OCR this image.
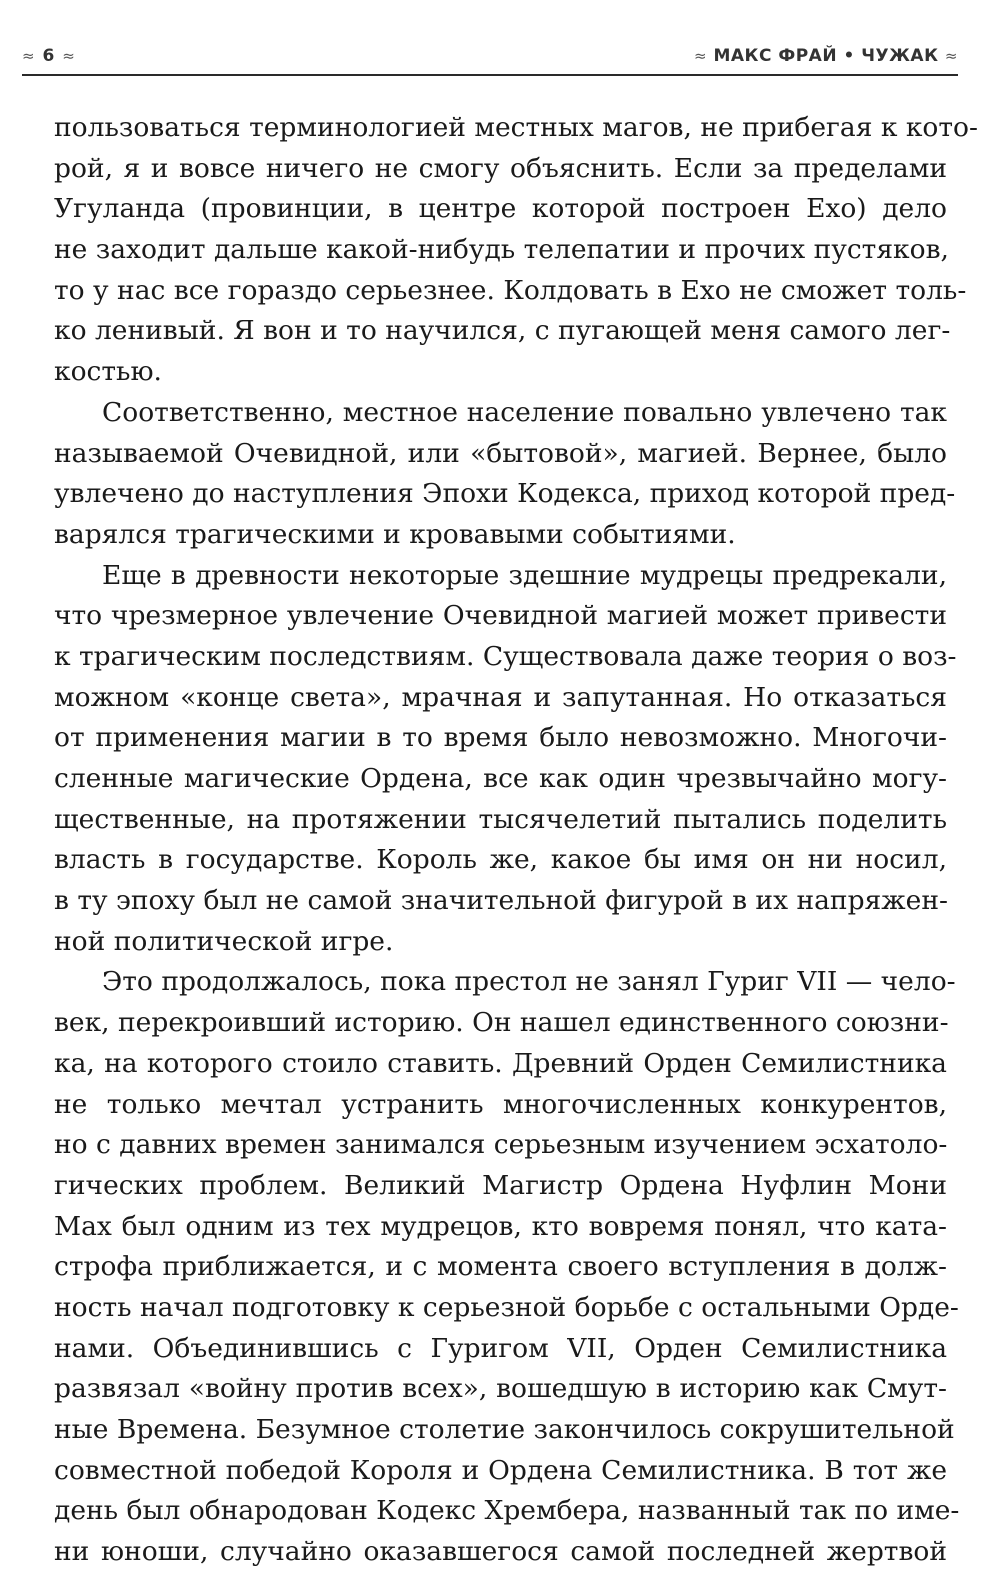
≈ 6 ≈	≈ МАКС ФРАЙ • ЧУЖАК ≈
пользоваться терминологией местных магов, не прибегая к кото-
рой, я и вовсе ничего не смогу объяснить. Если за пределами
Угуланда (провинции, в центре которой построен Ехо) дело
не заходит дальше какой-нибудь телепатии и прочих пустяков,
то у нас все гораздо серьезнее. Колдовать в Ехо не сможет толь-
ко ленивый. Я вон и то научился, с пугающей меня самого лег-
костью.
Соответственно, местное население повально увлечено так
называемой Очевидной, или «бытовой», магией. Вернее, было
увлечено до наступления Эпохи Кодекса, приход которой пред-
варялся трагическими и кровавыми событиями.
Еще в древности некоторые здешние мудрецы предрекали,
что чрезмерное увлечение Очевидной магией может привести
к трагическим последствиям. Существовала даже теория о воз-
можном «конце света», мрачная и запутанная. Но отказаться
от применения магии в то время было невозможно. Многочи-
сленные магические Ордена, все как один чрезвычайно могу-
щественные, на протяжении тысячелетий пытались поделить
власть в государстве. Король же, какое бы имя он ни носил,
в ту эпоху был не самой значительной фигурой в их напряжен-
ной политической игре.
Это продолжалось, пока престол не занял Гуриг VII — чело-
век, перекроивший историю. Он нашел единственного союзни-
ка, на которого стоило ставить. Древний Орден Семилистника
не только мечтал устранить многочисленных конкурентов,
но с давних времен занимался серьезным изучением эсхатоло-
гических проблем. Великий Магистр Ордена Нуфлин Мони
Мах был одним из тех мудрецов, кто вовремя понял, что ката-
строфа приближается, и с момента своего вступления в долж-
ность начал подготовку к серьезной борьбе с остальными Орде-
нами. Объединившись с Гуригом VII, Орден Семилистника
развязал «войну против всех», вошедшую в историю как Смут-
ные Времена. Безумное столетие закончилось сокрушительной
совместной победой Короля и Ордена Семилистника. В тот же
день был обнародован Кодекс Хрембера, названный так по име-
ни юноши, случайно оказавшегося самой последней жертвой
